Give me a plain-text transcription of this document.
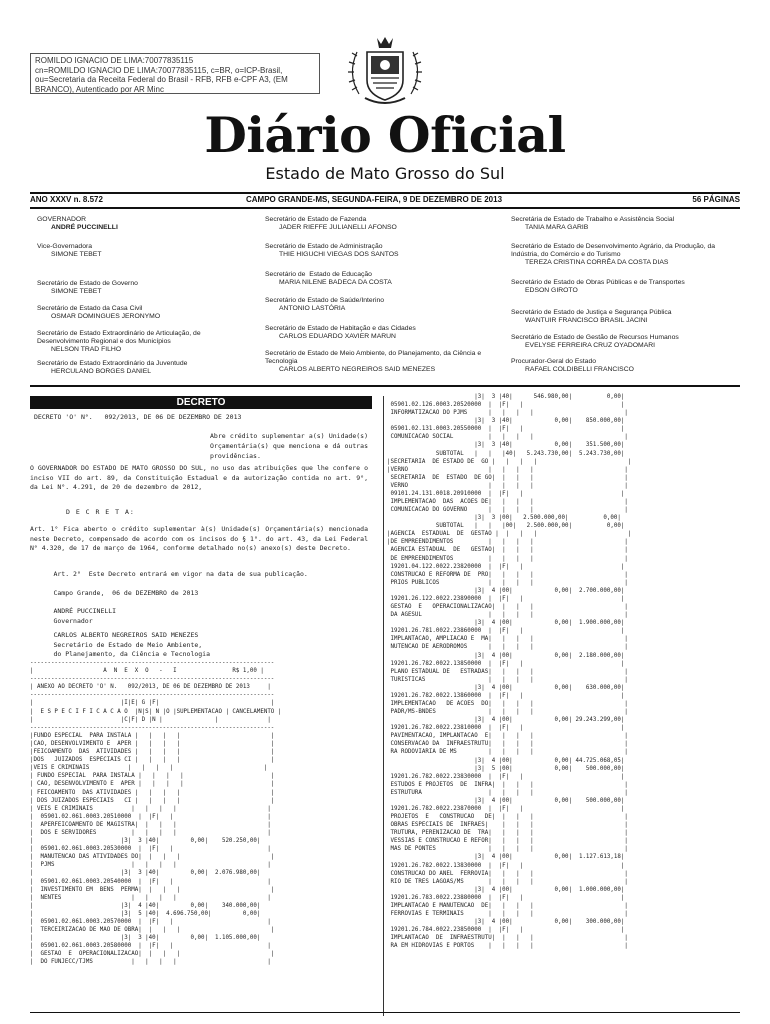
ROMILDO IGNACIO DE LIMA:70077835115
cn=ROMILDO IGNACIO DE LIMA:70077835115, c=BR, o=ICP-Brasil,
ou=Secretaria da Receita Federal do Brasil - RFB, RFB e-CPF A3, (EM
BRANCO), Autenticado por AR Minc
Diário Oficial
Estado de Mato Grosso do Sul
ANO XXXV n. 8.572	CAMPO GRANDE-MS, SEGUNDA-FEIRA, 9 DE DEZEMBRO DE 2013	56 PÁGINAS
GOVERNADOR
ANDRÉ PUCCINELLI
Vice-Governadora
SIMONE TEBET
Secretário de Estado de Governo
SIMONE TEBET
Secretário de Estado da Casa Civil
OSMAR DOMINGUES JERONYMO
Secretário de Estado Extraordinário de Articulação, de Desenvolvimento Regional e dos Municípios
NELSON TRAD FILHO
Secretário de Estado Extraordinário da Juventude
HERCULANO BORGES DANIEL
Secretário de Estado de Fazenda
JADER RIEFFE JULIANELLI AFONSO
Secretário de Estado de Administração
THIE HIGUCHI VIEGAS DOS SANTOS
Secretário de  Estado de Educação
MARIA NILENE BADECA DA COSTA
Secretário de Estado de Saúde/Interino
ANTONIO LASTÓRIA
Secretário de Estado de Habitação e das Cidades
CARLOS EDUARDO XAVIER MARUN
Secretário de Estado de Meio Ambiente, do Planejamento, da Ciência e Tecnologia
CARLOS ALBERTO NEGREIROS SAID MENEZES
Secretária de Estado de Trabalho e Assistência Social
TANIA MARA GARIB
Secretário de Estado de Desenvolvimento Agrário, da Produção, da Indústria, do Comércio e do Turismo
TEREZA CRISTINA CORRÊA DA COSTA DIAS
Secretário de Estado de Obras Públicas e de Transportes
EDSON GIROTO
Secretário de Estado de Justiça e Segurança Pública
WANTUIR FRANCISCO BRASIL JACINI
Secretário de Estado de Gestão de Recursos Humanos
EVELYSE FERREIRA CRUZ OYADOMARI
Procurador-Geral do Estado
RAFAEL COLDIBELLI FRANCISCO
DECRETO
DECRETO 'O' N°.   092/2013, DE 06 DE DEZEMBRO DE 2013
Abre crédito suplementar a(s) Unidade(s) Orçamentária(s) que menciona e dá outras providências.
O GOVERNADOR DO ESTADO DE MATO GROSSO DO SUL, no uso das atribuições que lhe confere o inciso VII do art. 89, da Constituição Estadual e da autorização contida no art. 9°, da Lei N°. 4.291, de 20 de dezembro de 2012,
D E C R E T A:
Art. 1° Fica aberto o crédito suplementar à(s) Unidade(s) Orçamentária(s) mencionada neste Decreto, compensado de acordo com os incisos do § 1°. do art. 43, da Lei Federal N° 4.320, de 17 de março de 1964, conforme detalhado no(s) anexo(s) deste Decreto.
Art. 2°  Este Decreto entrará em vigor na data de sua publicação.
Campo Grande,  06 de DEZEMBRO de 2013
ANDRÉ PUCCINELLI
Governador
CARLOS ALBERTO NEGREIROS SAID MENEZES
Secretário de Estado de Meio Ambiente,
do Planejamento, da Ciência e Tecnologia
----------------------------------------------------------------------
|                    A  N  E  X  O   -   I                R$ 1,00 |
----------------------------------------------------------------------
| ANEXO AO DECRETO 'O' N.   092/2013, DE 06 DE DEZEMBRO DE 2013     |
----------------------------------------------------------------------
|                         |I|E| G |F|                                |
|  E S P E C I F I C A C A O  |N|S| N |O |SUPLEMENTACAO | CANCELAMENTO |
|                         |C|F| D |N |               |              |
----------------------------------------------------------------------
|FUNDO ESPECIAL  PARA INSTALA |   |   |   |                          |
|CAO, DESENVOLVIMENTO E  APER |   |   |   |                          |
|FEICOAMENTO  DAS  ATIVIDADES |   |   |   |                          |
|DOS   JUIZADOS  ESPECIAIS CI |   |   |   |                          |
|VEIS E CRIMINAIS           |   |   |   |                          |
| FUNDO ESPECIAL  PARA INSTALA |   |   |   |                         |
| CAO, DESENVOLVIMENTO E  APER |   |   |   |                         |
| FEICOAMENTO  DAS ATIVIDADES |   |   |   |                          |
| DOS JUIZADOS ESPECIAIS   CI |   |   |   |                          |
| VEIS E CRIMINAIS           |   |   |   |                          |
|  05901.02.061.0003.20510000  |  |F|   |                           |
|  APERFEICOAMENTO DE MAGISTRA|  |   |   |                          |
|  DOS E SERVIDORES          |   |   |   |                          |
|                         |3|  3 |40|         0,00|    520.250,00|
|  05901.02.061.0003.20530000  |  |F|   |                           |
|  MANUTENCAO DAS ATIVIDADES DO|  |   |   |                          |
|  PJMS                      |   |   |   |                          |
|                         |3|  3 |40|         0,00|  2.076.980,00|
|  05901.02.061.0003.20540000  |  |F|   |                           |
|  INVESTIMENTO EM  BENS  PERMA|  |   |   |                          |
|  NENTES                    |   |   |   |                          |
|                         |3|  4 |40|         0,00|    340.000,00|
|                         |3|  5 |40|  4.696.750,00|         0,00|
|  05901.02.061.0003.20570000  |  |F|   |                           |
|  TERCEIRIZACAO DE MAO DE OBRA|  |   |   |                          |
|                         |3|  3 |40|         0,00|  1.105.000,00|
|  05901.02.061.0003.20580000  |  |F|   |                           |
|  GESTAO  E  OPERACIONALIZACAO|  |   |   |                          |
|  DO FUNJECC/TJMS           |   |   |   |                          |
|3|  3 |40|      546.980,00|          0,00|
05901.02.126.0003.20520000  |  |F|   |                            |
INFORMATIZACAO DO PJMS      |   |   |   |                          |
|3|  3 |40|            0,00|    850.000,00|
05901.02.131.0003.20550000  |  |F|   |                            |
COMUNICACAO SOCIAL          |   |   |   |                          |
|3|  3 |40|            0,00|    351.500,00|
SUBTOTAL   |   |   |40|   5.243.730,00|  5.243.730,00|
|SECRETARIA  DE ESTADO DE  GO |   |   |   |                          |
|VERNO                       |   |   |   |                          |
SECRETARIA  DE  ESTADO  DE GO|  |   |   |                          |
VERNO                       |   |   |   |                          |
09101.24.131.0018.20910000  |  |F|   |                            |
IMPLEMENTACAO  DAS  ACOES DE|   |   |   |                          |
COMUNICACAO DO GOVERNO      |   |   |   |                          |
|3|  3 |00|   2.500.000,00|          0,00|
SUBTOTAL   |   |   |00|   2.500.000,00|          0,00|
|AGENCIA  ESTADUAL  DE  GESTAO |  |   |   |                          |
|DE EMPREENDIMENTOS          |   |   |   |                          |
AGENCIA ESTADUAL  DE   GESTAO|  |   |   |                          |
DE EMPREENDIMENTOS          |   |   |   |                          |
19201.04.122.0022.23820000  |  |F|   |                            |
CONSTRUCAO E REFORMA DE  PRO|   |   |   |                          |
PRIOS PUBLICOS              |   |   |   |                          |
|3|  4 |00|            0,00|  2.700.000,00|
19201.26.122.0022.23890000  |  |F|   |                            |
GESTAO  E   OPERACIONALIZACAO|  |   |   |                          |
DA AGESUL                   |   |   |   |                          |
|3|  4 |00|            0,00|  1.900.000,00|
19201.26.781.0022.23860000  |  |F|   |                            |
IMPLANTACAO, AMPLIACAO E  MA|   |   |   |                          |
NUTENCAO DE AERODROMOS      |   |   |   |                          |
|3|  4 |00|            0,00|  2.180.000,00|
19201.26.782.0022.13850000  |  |F|   |                            |
PLANO ESTADUAL DE   ESTRADAS|   |   |   |                          |
TURISTICAS                  |   |   |   |                          |
|3|  4 |00|            0,00|    630.000,00|
19201.26.782.0022.13860000  |  |F|   |                            |
IMPLEMENTACAO   DE ACOES  DO|   |   |   |                          |
PADR/MS-BNDES               |   |   |   |                          |
|3|  4 |00|            0,00| 29.243.299,00|
19201.26.782.0022.23810000  |  |F|   |                            |
PAVIMENTACAO, IMPLANTACAO  E|   |   |   |                          |
CONSERVACAO DA  INFRAESTRUTU|   |   |   |                          |
RA RODOVIARIA DE MS         |   |   |   |                          |
|3|  4 |00|            0,00| 44.725.068,05|
|3|  5 |00|            0,00|    500.000,00|
19201.26.782.0022.23830000  |  |F|   |                            |
ESTUDOS E PROJETOS  DE  INFRA|  |   |   |                          |
ESTRUTURA                   |   |   |   |                          |
|3|  4 |00|            0,00|    500.000,00|
19201.26.782.0022.23870000  |  |F|   |                            |
PROJETOS  E   CONSTRUCAO   DE|  |   |   |                          |
OBRAS ESPECIAIS DE  INFRAES|    |   |   |                          |
TRUTURA, PERENIZACAO DE  TRA|   |   |   |                          |
VESSIAS E CONSTRUCAO E REFOR|   |   |   |                          |
MAS DE PONTES               |   |   |   |                          |
|3|  4 |00|            0,00|  1.127.613,18|
19201.26.782.0022.13830000  |  |F|   |                            |
CONSTRUCAO DO ANEL  FERROVIA|   |   |   |                          |
RIO DE TRES LAGOAS/MS       |   |   |   |                          |
|3|  4 |00|            0,00|  1.000.000,00|
19201.26.783.0022.23880000  |  |F|   |                            |
IMPLANTACAO E MANUTENCAO  DE|   |   |   |                          |
FERROVIAS E TERMINAIS       |   |   |   |                          |
|3|  4 |00|            0,00|    300.000,00|
19201.26.784.0022.23850000  |  |F|   |                            |
IMPLANTACAO  DE  INFRAESTRUTU|  |   |   |                          |
RA EM HIDROVIAS E PORTOS    |   |   |   |                          |
